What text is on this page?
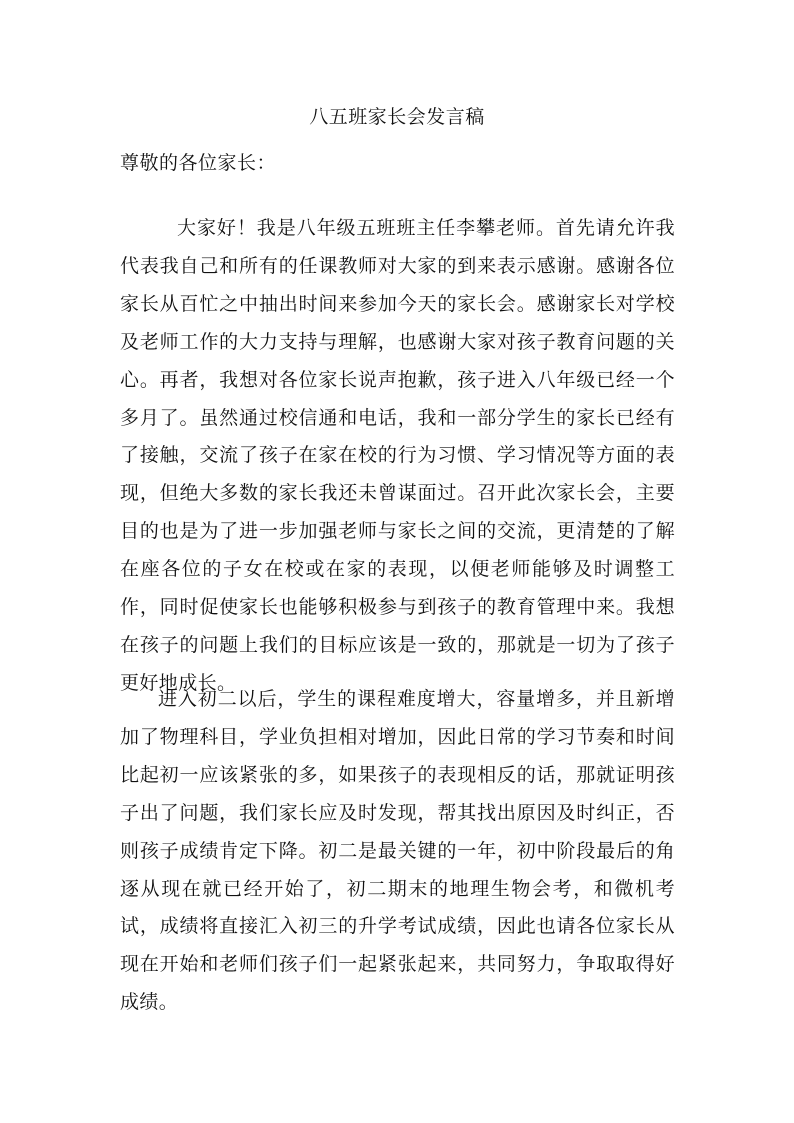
八五班家长会发言稿
尊敬的各位家长：

大家好！我是八年级五班班主任李攀老师。首先请允许我代表我自己和所有的任课教师对大家的到来表示感谢。感谢各位家长从百忙之中抽出时间来参加今天的家长会。感谢家长对学校及老师工作的大力支持与理解，也感谢大家对孩子教育问题的关心。再者，我想对各位家长说声抱歉，孩子进入八年级已经一个多月了。虽然通过校信通和电话，我和一部分学生的家长已经有了接触，交流了孩子在家在校的行为习惯、学习情况等方面的表现，但绝大多数的家长我还未曾谋面过。召开此次家长会，主要目的也是为了进一步加强老师与家长之间的交流，更清楚的了解在座各位的子女在校或在家的表现，以便老师能够及时调整工作，同时促使家长也能够积极参与到孩子的教育管理中来。我想在孩子的问题上我们的目标应该是一致的，那就是一切为了孩子更好地成长。

进入初二以后，学生的课程难度增大，容量增多，并且新增加了物理科目，学业负担相对增加，因此日常的学习节奏和时间比起初一应该紧张的多，如果孩子的表现相反的话，那就证明孩子出了问题，我们家长应及时发现，帮其找出原因及时纠正，否则孩子成绩肯定下降。初二是最关键的一年，初中阶段最后的角逐从现在就已经开始了，初二期末的地理生物会考，和微机考试，成绩将直接汇入初三的升学考试成绩，因此也请各位家长从现在开始和老师们孩子们一起紧张起来，共同努力，争取取得好成绩。
